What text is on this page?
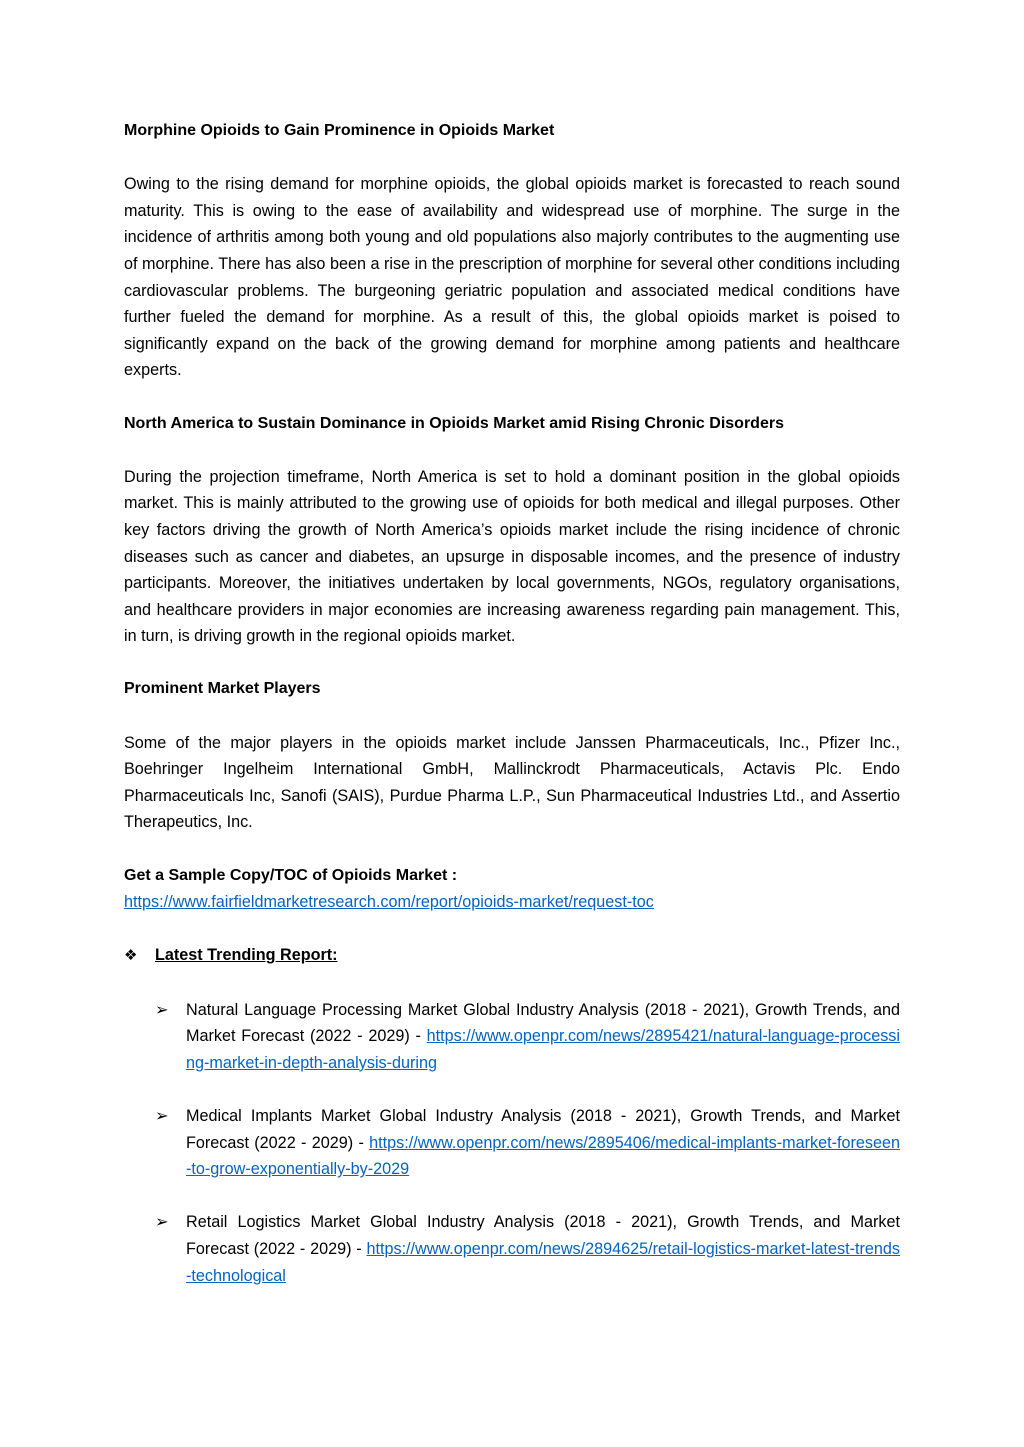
Morphine Opioids to Gain Prominence in Opioids Market

Owing to the rising demand for morphine opioids, the global opioids market is forecasted to reach sound maturity. This is owing to the ease of availability and widespread use of morphine. The surge in the incidence of arthritis among both young and old populations also majorly contributes to the augmenting use of morphine. There has also been a rise in the prescription of morphine for several other conditions including cardiovascular problems. The burgeoning geriatric population and associated medical conditions have further fueled the demand for morphine. As a result of this, the global opioids market is poised to significantly expand on the back of the growing demand for morphine among patients and healthcare experts.

North America to Sustain Dominance in Opioids Market amid Rising Chronic Disorders

During the projection timeframe, North America is set to hold a dominant position in the global opioids market. This is mainly attributed to the growing use of opioids for both medical and illegal purposes. Other key factors driving the growth of North America’s opioids market include the rising incidence of chronic diseases such as cancer and diabetes, an upsurge in disposable incomes, and the presence of industry participants. Moreover, the initiatives undertaken by local governments, NGOs, regulatory organisations, and healthcare providers in major economies are increasing awareness regarding pain management. This, in turn, is driving growth in the regional opioids market.

Prominent Market Players

Some of the major players in the opioids market include Janssen Pharmaceuticals, Inc., Pfizer Inc., Boehringer Ingelheim International GmbH, Mallinckrodt Pharmaceuticals, Actavis Plc. Endo Pharmaceuticals Inc, Sanofi (SAIS), Purdue Pharma L.P., Sun Pharmaceutical Industries Ltd., and Assertio Therapeutics, Inc.

Get a Sample Copy/TOC of Opioids Market :

https://www.fairfieldmarketresearch.com/report/opioids-market/request-toc

❖	Latest Trending Report:

➢	Natural Language Processing Market Global Industry Analysis (2018 - 2021), Growth Trends, and Market Forecast (2022 - 2029) - https://www.openpr.com/news/2895421/natural-language-processing-market-in-depth-analysis-during
➢	Medical Implants Market Global Industry Analysis (2018 - 2021), Growth Trends, and Market Forecast (2022 - 2029) - https://www.openpr.com/news/2895406/medical-implants-market-foreseen-to-grow-exponentially-by-2029
➢	Retail Logistics Market Global Industry Analysis (2018 - 2021), Growth Trends, and Market Forecast (2022 - 2029) - https://www.openpr.com/news/2894625/retail-logistics-market-latest-trends-technological
